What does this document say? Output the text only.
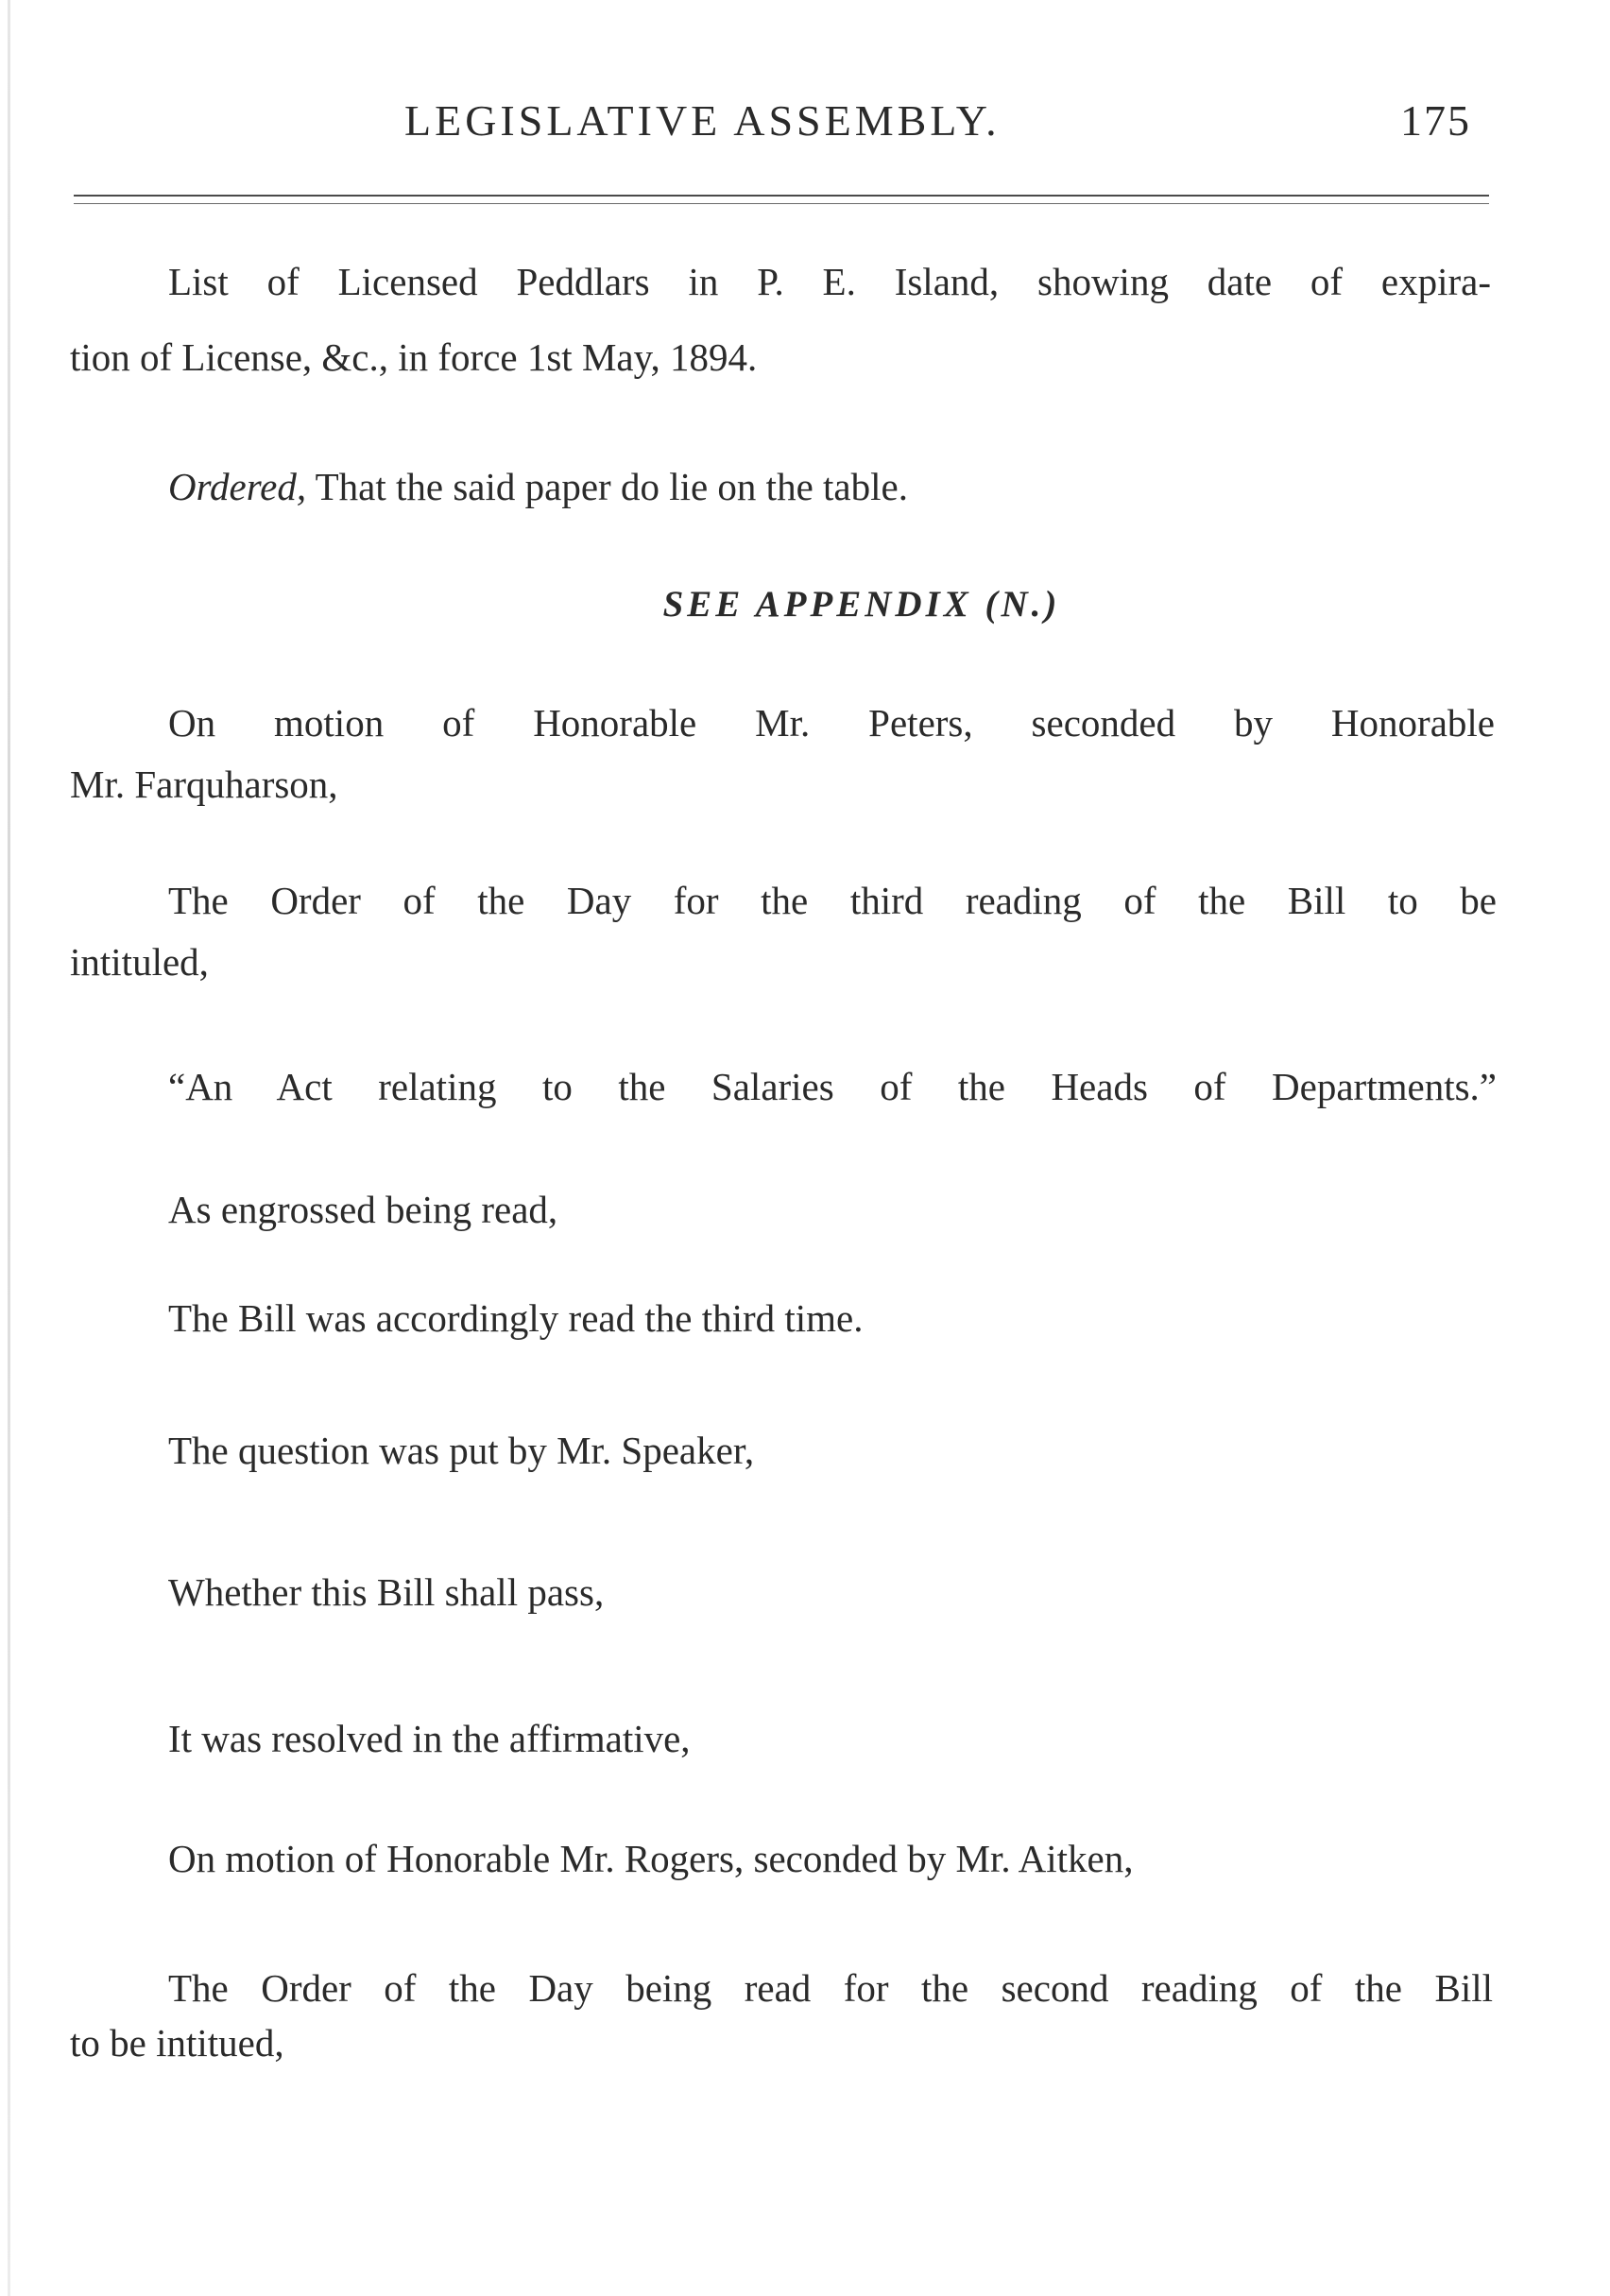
LEGISLATIVE ASSEMBLY.	175
List of Licensed Peddlars in P. E. Island, showing date of expira-
tion of License, &c., in force 1st May, 1894.
Ordered, That the said paper do lie on the table.
SEE APPENDIX (N.)
On motion of Honorable Mr. Peters, seconded by Honorable
Mr. Farquharson,
The Order of the Day for the third reading of the Bill to be
intituled,
“An Act relating to the Salaries of the Heads of Departments.”
As engrossed being read,
The Bill was accordingly read the third time.
The question was put by Mr. Speaker,
Whether this Bill shall pass,
It was resolved in the affirmative,
On motion of Honorable Mr. Rogers, seconded by Mr. Aitken,
The Order of the Day being read for the second reading of the Bill
to be intitued,
